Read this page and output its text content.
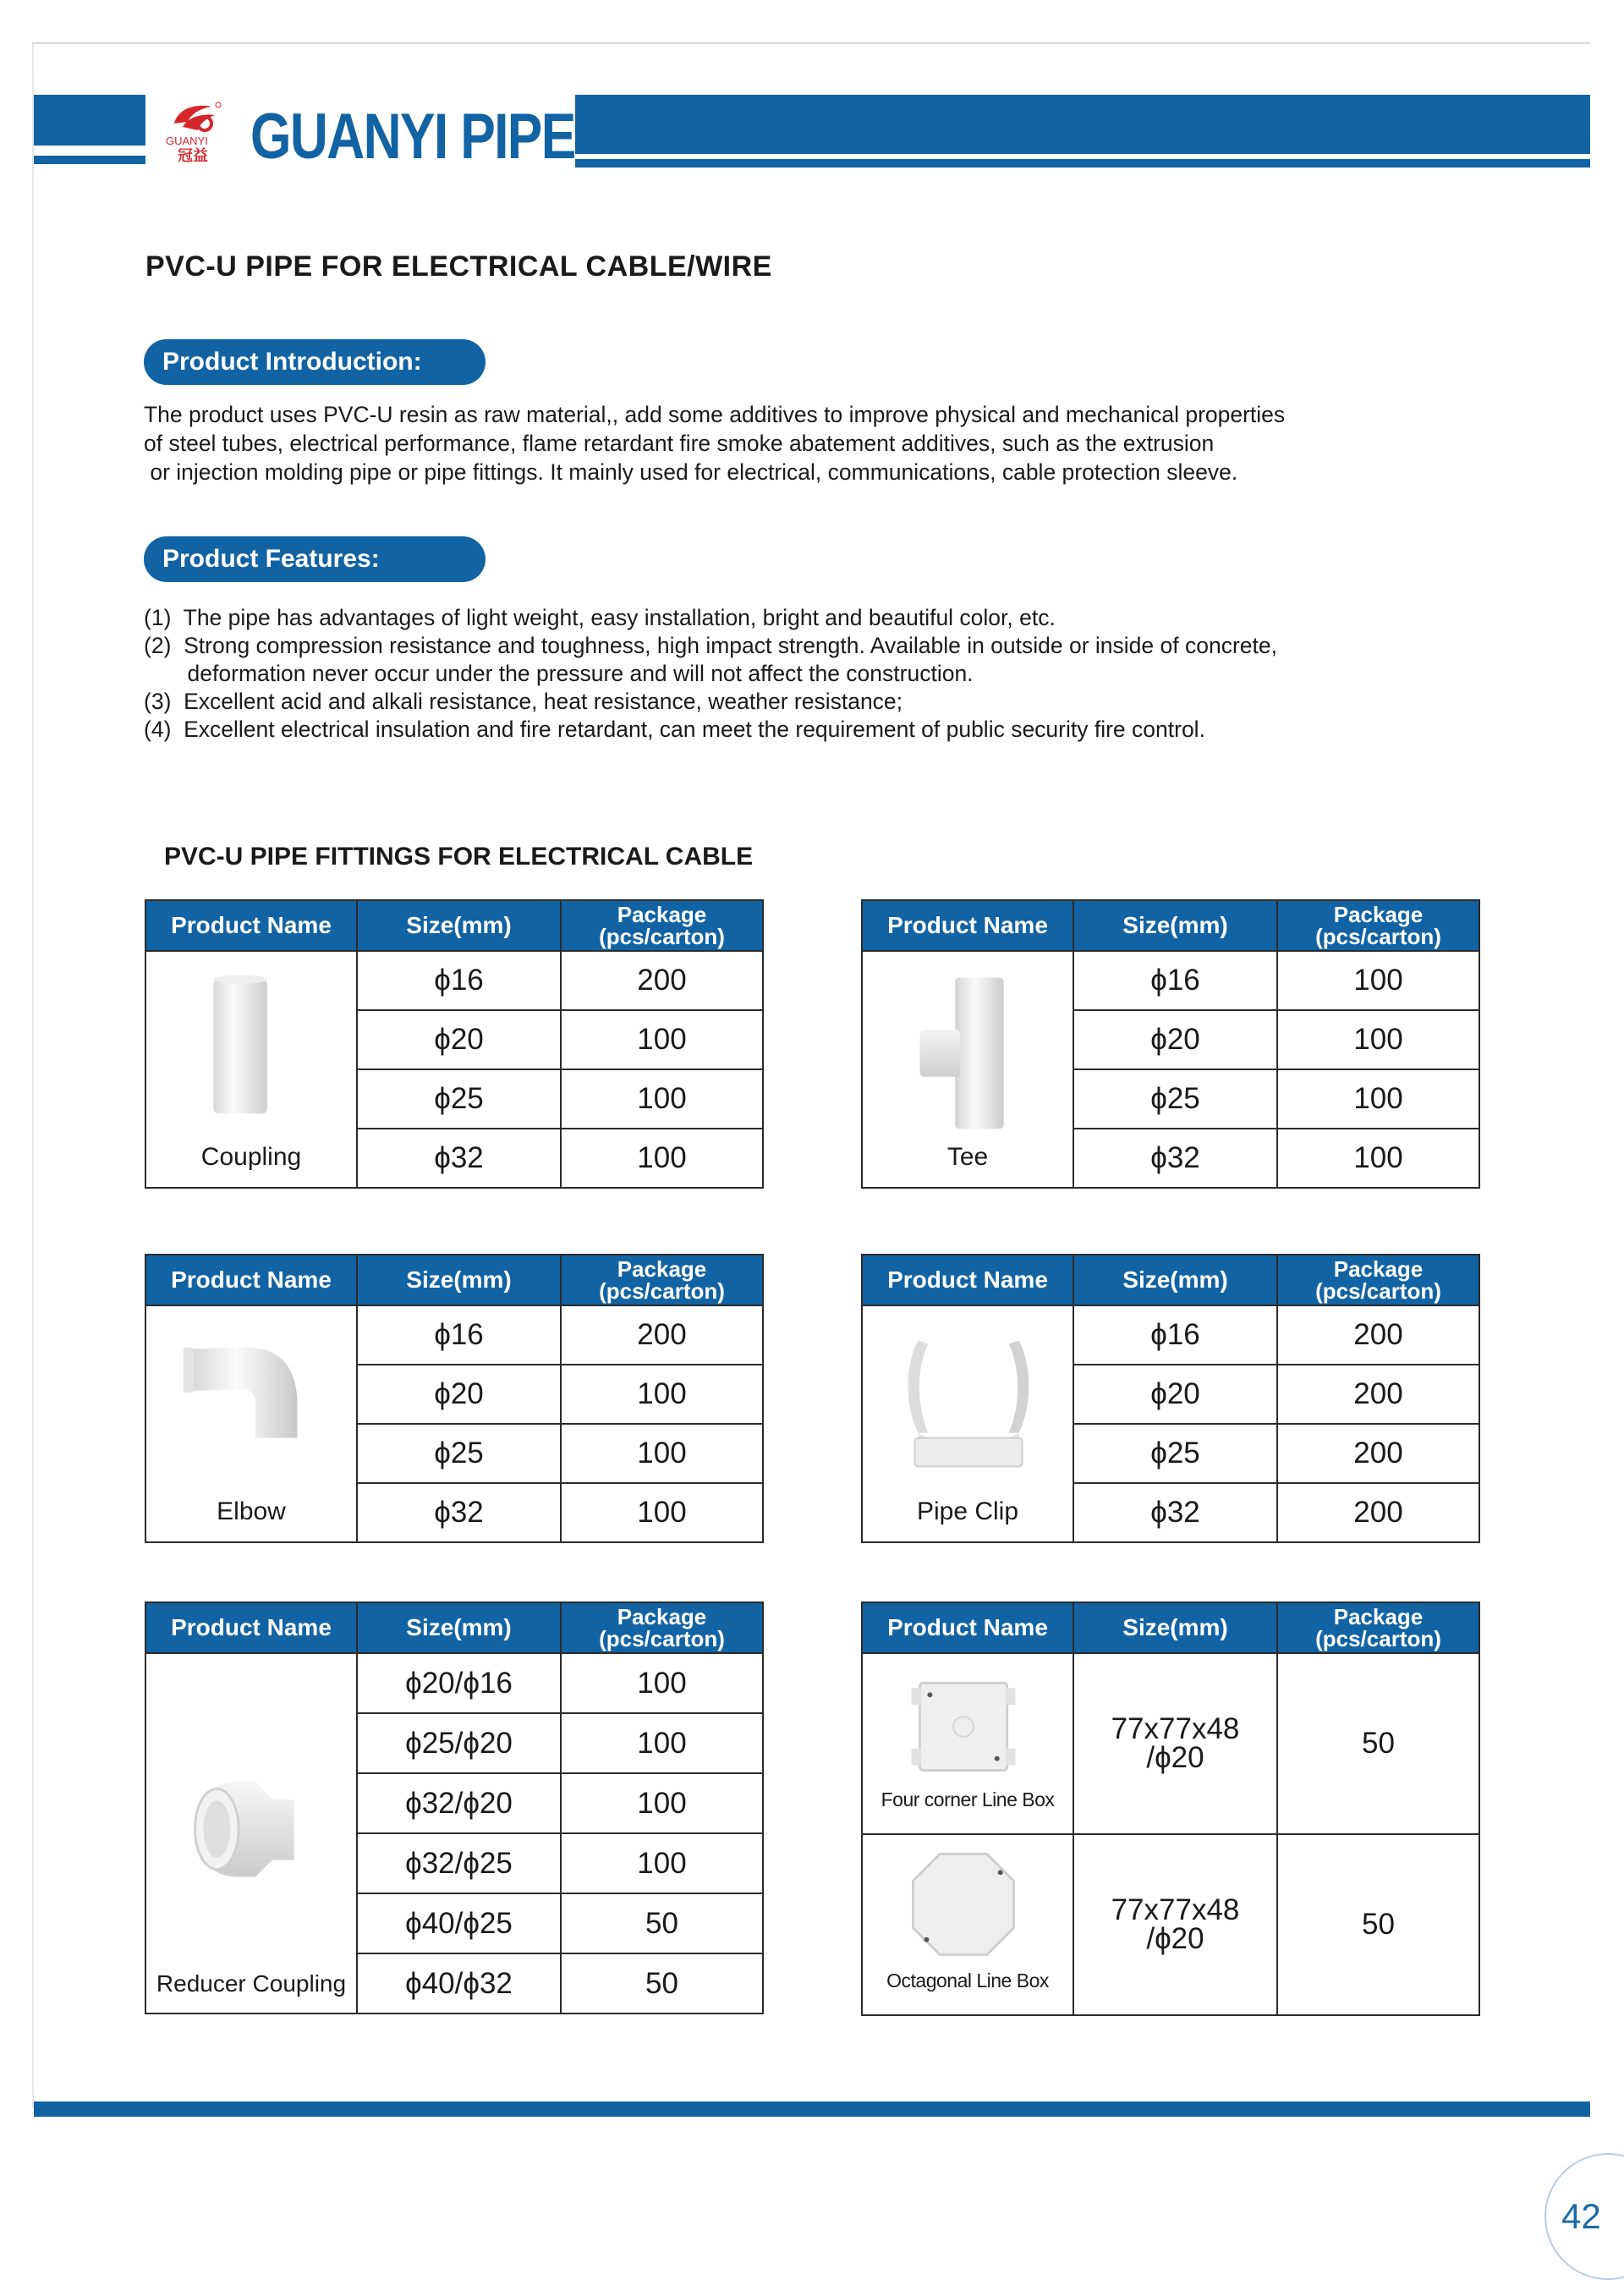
GUANYI
冠益 GUANYI PIPE
PVC-U PIPE FOR ELECTRICAL CABLE/WIRE
Product Introduction:
The product uses PVC-U resin as raw material,, add some additives to improve physical and mechanical properties
of steel tubes, electrical performance, flame retardant fire smoke abatement additives, such as the extrusion
or injection molding pipe or pipe fittings. It mainly used for electrical, communications, cable protection sleeve.
Product Features:
(1)  The pipe has advantages of light weight, easy installation, bright and beautiful color, etc.
(2)  Strong compression resistance and toughness, high impact strength. Available in outside or inside of concrete,
deformation never occur under the pressure and will not affect the construction.
(3)  Excellent acid and alkali resistance, heat resistance, weather resistance;
(4)  Excellent electrical insulation and fire retardant, can meet the requirement of public security fire control.
PVC-U PIPE FITTINGS FOR ELECTRICAL CABLE
Product Name	Size(mm)	Package
(pcs/carton)

Coupling	ϕ16	200
	ϕ20	100
	ϕ25	100
	ϕ32	100
Product Name	Size(mm)	Package
(pcs/carton)

Tee	ϕ16	100
	ϕ20	100
	ϕ25	100
	ϕ32	100
Product Name	Size(mm)	Package
(pcs/carton)

Elbow	ϕ16	200
	ϕ20	100
	ϕ25	100
	ϕ32	100
Product Name	Size(mm)	Package
(pcs/carton)

Pipe Clip	ϕ16	200
	ϕ20	200
	ϕ25	200
	ϕ32	200
Product Name	Size(mm)	Package
(pcs/carton)

Reducer Coupling	ϕ20/ϕ16	100
	ϕ25/ϕ20	100
	ϕ32/ϕ20	100
	ϕ32/ϕ25	100
	ϕ40/ϕ25	50
	ϕ40/ϕ32	50
Product Name	Size(mm)	Package
(pcs/carton)

Four corner Line Box	77x77x48
/ϕ20	50

Octagonal Line Box	77x77x48
/ϕ20	50
42
